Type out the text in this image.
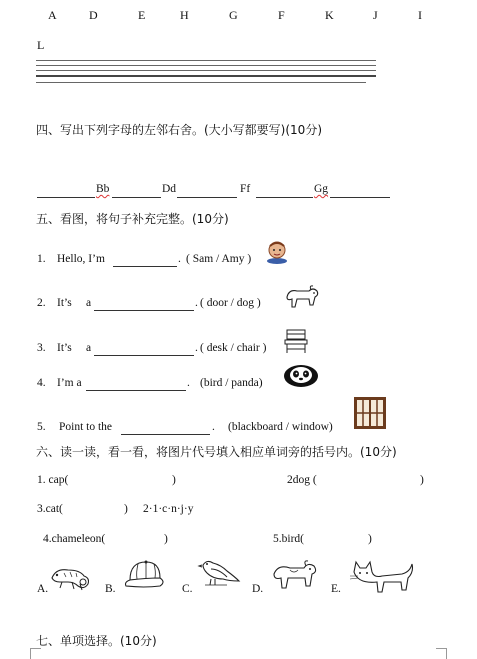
A	D	E	H	G	F	K	J	I
L
四、写出下列字母的左邻右舍。(大小写都要写)(10分)
Bb	Dd	Ff	Gg
五、看图，将句子补充完整。(10分)
1. Hello, I’m	. ( Sam / Amy )
2. It’s a	. ( door / dog )
3. It’s a	. ( desk / chair )
4. I’m a	. (bird / panda)
5. Point to the	. (blackboard / window)
六、读一读，看一看，将图片代号填入相应单词旁的括号内。(10分)
1. cap(	)	2dog (	)
3.cat(	) 2·1·c·n·j·y
4.chameleon(	)	5.bird(	)
A.	B.	C.	D.	E.
七、单项选择。(10分)
